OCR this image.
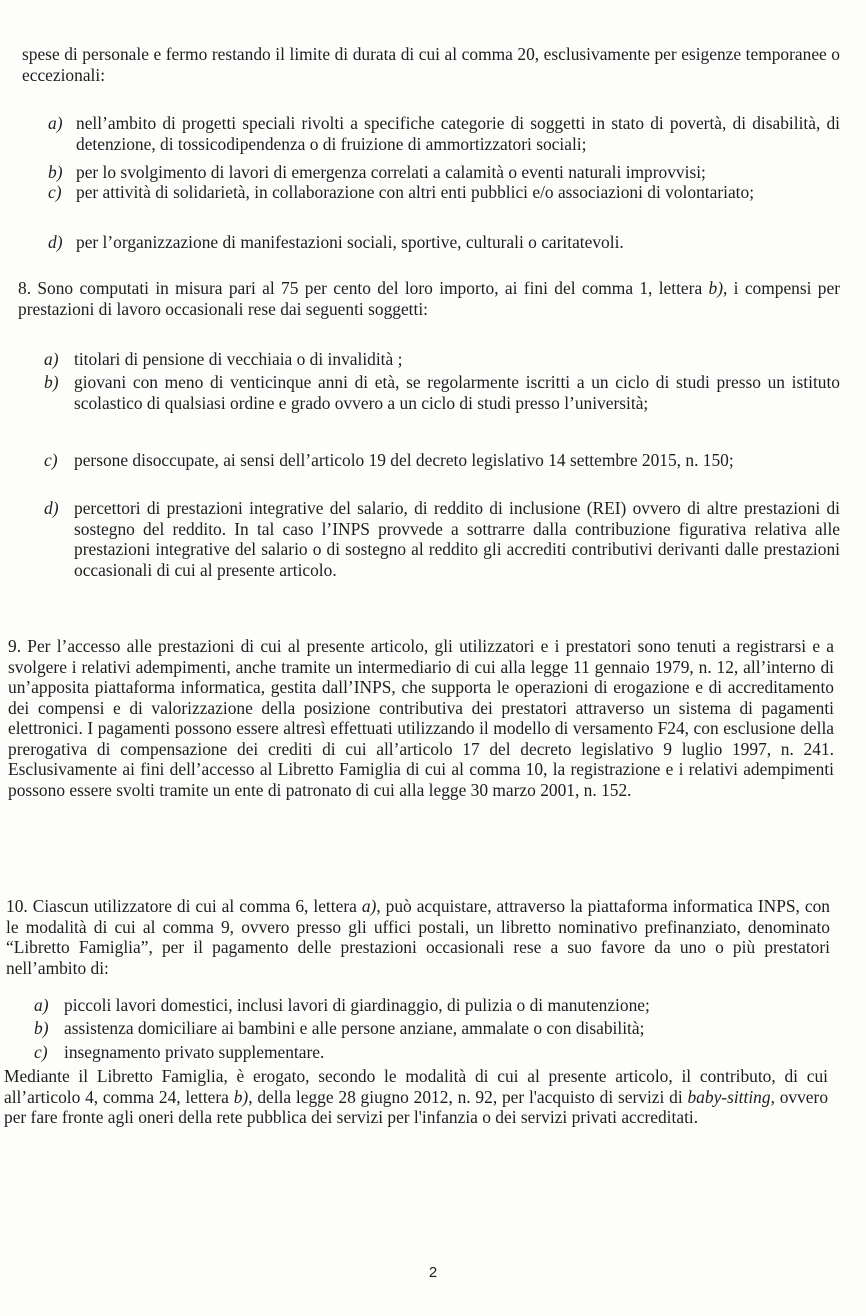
spese di personale e fermo restando il limite di durata di cui al comma 20, esclusivamente per esigenze temporanee o eccezionali:
a) nell’ambito di progetti speciali rivolti a specifiche categorie di soggetti in stato di povertà, di disabilità, di detenzione, di tossicodipendenza o di fruizione di ammortizzatori sociali;
b) per lo svolgimento di lavori di emergenza correlati a calamità o eventi naturali improvvisi;
c) per attività di solidarietà, in collaborazione con altri enti pubblici e/o associazioni di volontariato;
d) per l’organizzazione di manifestazioni sociali, sportive, culturali o caritatevoli.
8. Sono computati in misura pari al 75 per cento del loro importo, ai fini del comma 1, lettera b), i compensi per prestazioni di lavoro occasionali rese dai seguenti soggetti:
a) titolari di pensione di vecchiaia o di invalidità ;
b) giovani con meno di venticinque anni di età, se regolarmente iscritti a un ciclo di studi presso un istituto scolastico di qualsiasi ordine e grado ovvero a un ciclo di studi presso l’università;
c) persone disoccupate, ai sensi dell’articolo 19 del decreto legislativo 14 settembre 2015, n. 150;
d) percettori di prestazioni integrative del salario, di reddito di inclusione (REI) ovvero di altre prestazioni di sostegno del reddito. In tal caso l’INPS provvede a sottrarre dalla contribuzione figurativa relativa alle prestazioni integrative del salario o di sostegno al reddito gli accrediti contributivi derivanti dalle prestazioni occasionali di cui al presente articolo.
9. Per l’accesso alle prestazioni di cui al presente articolo, gli utilizzatori e i prestatori sono tenuti a registrarsi e a svolgere i relativi adempimenti, anche tramite un intermediario di cui alla legge 11 gennaio 1979, n. 12, all’interno di un’apposita piattaforma informatica, gestita dall’INPS, che supporta le operazioni di erogazione e di accreditamento dei compensi e di valorizzazione della posizione contributiva dei prestatori attraverso un sistema di pagamenti elettronici. I pagamenti possono essere altresì effettuati utilizzando il modello di versamento F24, con esclusione della prerogativa di compensazione dei crediti di cui all’articolo 17 del decreto legislativo 9 luglio 1997, n. 241. Esclusivamente ai fini dell’accesso al Libretto Famiglia di cui al comma 10, la registrazione e i relativi adempimenti possono essere svolti tramite un ente di patronato di cui alla legge 30 marzo 2001, n. 152.
10. Ciascun utilizzatore di cui al comma 6, lettera a), può acquistare, attraverso la piattaforma informatica INPS, con le modalità di cui al comma 9, ovvero presso gli uffici postali, un libretto nominativo prefinanziato, denominato “Libretto Famiglia”, per il pagamento delle prestazioni occasionali rese a suo favore da uno o più prestatori nell’ambito di:
a) piccoli lavori domestici, inclusi lavori di giardinaggio, di pulizia o di manutenzione;
b) assistenza domiciliare ai bambini e alle persone anziane, ammalate o con disabilità;
c) insegnamento privato supplementare.
Mediante il Libretto Famiglia, è erogato, secondo le modalità di cui al presente articolo, il contributo, di cui all’articolo 4, comma 24, lettera b), della legge 28 giugno 2012, n. 92, per l'acquisto di servizi di baby-sitting, ovvero per fare fronte agli oneri della rete pubblica dei servizi per l'infanzia o dei servizi privati accreditati.
2
